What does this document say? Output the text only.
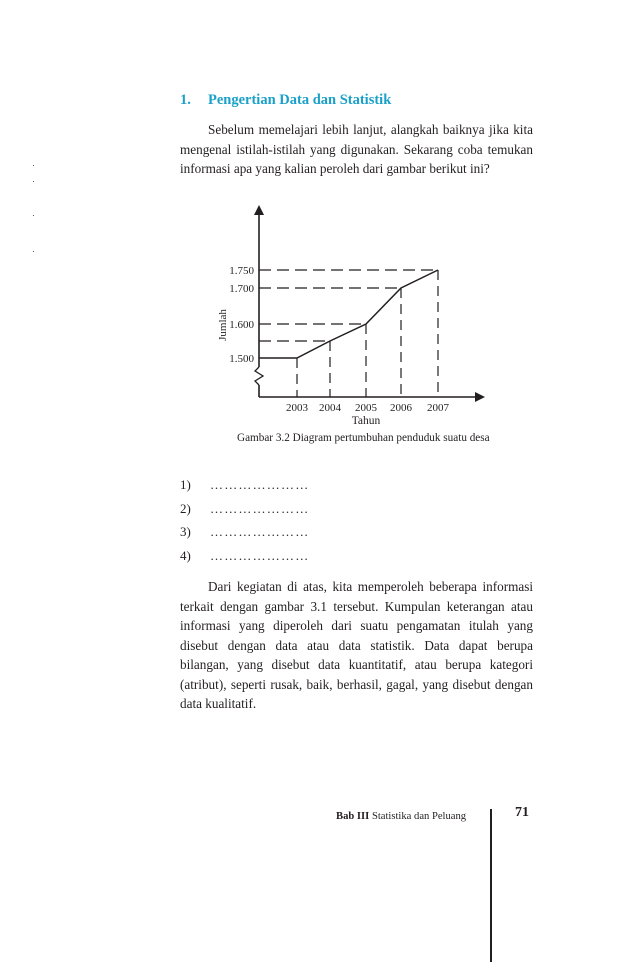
1. Pengertian Data dan Statistik

Sebelum memelajari lebih lanjut, alangkah baiknya jika kita mengenal istilah-istilah yang digunakan. Sekarang coba temukan informasi apa yang kalian peroleh dari gambar berikut ini?

1.500
1.600
1.700
1.750
2003 2004 2005 2006 2007
Tahun
Jumlah
Gambar 3.2 Diagram pertumbuhan penduduk suatu desa
1)	…………………
2)	…………………
3)	…………………
4)	…………………

Dari kegiatan di atas, kita memperoleh beberapa informasi terkait dengan gambar 3.1 tersebut. Kumpulan keterangan atau informasi yang diperoleh dari suatu pengamatan itulah yang disebut dengan data atau data statistik. Data dapat berupa bilangan, yang disebut data kuantitatif, atau berupa kategori (atribut), seperti rusak, baik, berhasil, gagal, yang disebut dengan data kualitatif.

Bab III Statistika dan Peluang	71
